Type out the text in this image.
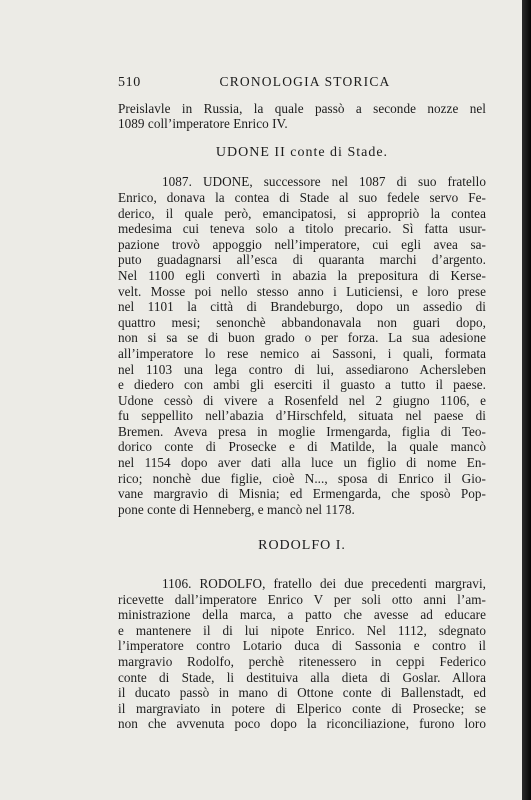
510	CRONOLOGIA STORICA
Preislavle in Russia, la quale passò a seconde nozze nel
1089 coll’imperatore Enrico IV.
UDONE II conte di Stade.
1087. UDONE, successore nel 1087 di suo fratello
Enrico, donava la contea di Stade al suo fedele servo Fe-
derico, il quale però, emancipatosi, si appropriò la contea
medesima cui teneva solo a titolo precario. Sì fatta usur-
pazione trovò appoggio nell’imperatore, cui egli avea sa-
puto guadagnarsi all’esca di quaranta marchi d’argento.
Nel 1100 egli convertì in abazia la prepositura di Kerse-
velt. Mosse poi nello stesso anno i Luticiensi, e loro prese
nel 1101 la città di Brandeburgo, dopo un assedio di
quattro mesi; senonchè abbandonavala non guari dopo,
non si sa se di buon grado o per forza. La sua adesione
all’imperatore lo rese nemico ai Sassoni, i quali, formata
nel 1103 una lega contro di lui, assediarono Achersleben
e diedero con ambi gli eserciti il guasto a tutto il paese.
Udone cessò di vivere a Rosenfeld nel 2 giugno 1106, e
fu seppellito nell’abazia d’Hirschfeld, situata nel paese di
Bremen. Aveva presa in moglie Irmengarda, figlia di Teo-
dorico conte di Prosecke e di Matilde, la quale mancò
nel 1154 dopo aver dati alla luce un figlio di nome En-
rico; nonchè due figlie, cioè N..., sposa di Enrico il Gio-
vane margravio di Misnia; ed Ermengarda, che sposò Pop-
pone conte di Henneberg, e mancò nel 1178.
RODOLFO I.
1106. RODOLFO, fratello dei due precedenti margravi,
ricevette dall’imperatore Enrico V per soli otto anni l’am-
ministrazione della marca, a patto che avesse ad educare
e mantenere il di lui nipote Enrico. Nel 1112, sdegnato
l’imperatore contro Lotario duca di Sassonia e contro il
margravio Rodolfo, perchè ritenessero in ceppi Federico
conte di Stade, li destituiva alla dieta di Goslar. Allora
il ducato passò in mano di Ottone conte di Ballenstadt, ed
il margraviato in potere di Elperico conte di Prosecke; se
non che avvenuta poco dopo la riconciliazione, furono loro
